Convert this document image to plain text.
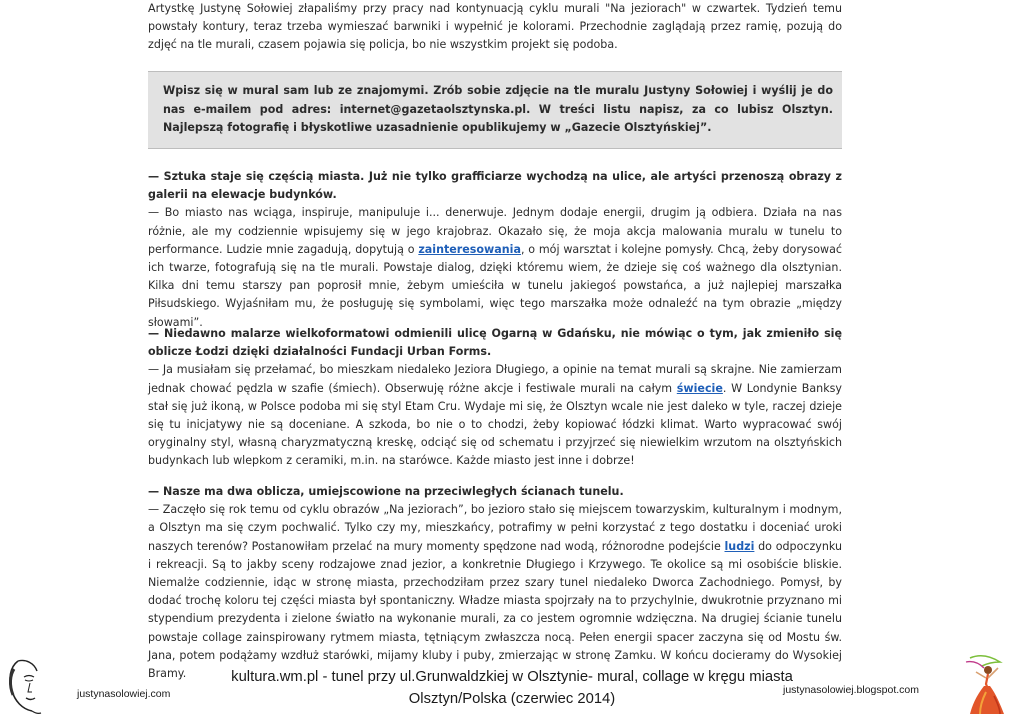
Artystkę Justynę Sołowiej złapaliśmy przy pracy nad kontynuacją cyklu murali "Na jeziorach" w czwartek. Tydzień temu powstały kontury, teraz trzeba wymieszać barwniki i wypełnić je kolorami. Przechodnie zaglądają przez ramię, pozują do zdjęć na tle murali, czasem pojawia się policja, bo nie wszystkim projekt się podoba.

Wpisz się w mural sam lub ze znajomymi. Zrób sobie zdjęcie na tle muralu Justyny Sołowiej i wyślij je do nas e-mailem pod adres: internet@gazetaolsztynska.pl. W treści listu napisz, za co lubisz Olsztyn. Najlepszą fotografię i błyskotliwe uzasadnienie opublikujemy w „Gazecie Olsztyńskiej”.

— Sztuka staje się częścią miasta. Już nie tylko grafficiarze wychodzą na ulice, ale artyści przenoszą obrazy z galerii na elewacje budynków.

— Bo miasto nas wciąga, inspiruje, manipuluje i... denerwuje. Jednym dodaje energii, drugim ją odbiera. Działa na nas różnie, ale my codziennie wpisujemy się w jego krajobraz. Okazało się, że moja akcja malowania muralu w tunelu to performance. Ludzie mnie zagadują, dopytują o zainteresowania, o mój warsztat i kolejne pomysły. Chcą, żeby dorysować ich twarze, fotografują się na tle murali. Powstaje dialog, dzięki któremu wiem, że dzieje się coś ważnego dla olsztynian. Kilka dni temu starszy pan poprosił mnie, żebym umieściła w tunelu jakiegoś powstańca, a już najlepiej marszałka Piłsudskiego. Wyjaśniłam mu, że posługuję się symbolami, więc tego marszałka może odnaleźć na tym obrazie „między słowami”.

— Niedawno malarze wielkoformatowi odmienili ulicę Ogarną w Gdańsku, nie mówiąc o tym, jak zmieniło się oblicze Łodzi dzięki działalności Fundacji Urban Forms.

— Ja musiałam się przełamać, bo mieszkam niedaleko Jeziora Długiego, a opinie na temat murali są skrajne. Nie zamierzam jednak chować pędzla w szafie (śmiech). Obserwuję różne akcje i festiwale murali na całym świecie. W Londynie Banksy stał się już ikoną, w Polsce podoba mi się styl Etam Cru. Wydaje mi się, że Olsztyn wcale nie jest daleko w tyle, raczej dzieje się tu inicjatywy nie są doceniane. A szkoda, bo nie o to chodzi, żeby kopiować łódzki klimat. Warto wypracować swój oryginalny styl, własną charyzmatyczną kreskę, odciąć się od schematu i przyjrzeć się niewielkim wrzutom na olsztyńskich budynkach lub wlepkom z ceramiki, m.in. na starówce. Każde miasto jest inne i dobrze!

— Nasze ma dwa oblicza, umiejscowione na przeciwległych ścianach tunelu.

— Zaczęło się rok temu od cyklu obrazów „Na jeziorach”, bo jezioro stało się miejscem towarzyskim, kulturalnym i modnym, a Olsztyn ma się czym pochwalić. Tylko czy my, mieszkańcy, potrafimy w pełni korzystać z tego dostatku i doceniać uroki naszych terenów? Postanowiłam przelać na mury momenty spędzone nad wodą, różnorodne podejście ludzi do odpoczynku i rekreacji. Są to jakby sceny rodzajowe znad jezior, a konkretnie Długiego i Krzywego. Te okolice są mi osobiście bliskie. Niemalże codziennie, idąc w stronę miasta, przechodziłam przez szary tunel niedaleko Dworca Zachodniego. Pomysł, by dodać trochę koloru tej części miasta był spontaniczny. Władze miasta spojrzały na to przychylnie, dwukrotnie przyznano mi stypendium prezydenta i zielone światło na wykonanie murali, za co jestem ogromnie wdzięczna. Na drugiej ścianie tunelu powstaje collage zainspirowany rytmem miasta, tętniącym zwłaszcza nocą. Pełen energii spacer zaczyna się od Mostu św. Jana, potem podążamy wzdłuż starówki, mijamy kluby i puby, zmierzając w stronę Zamku. W końcu docieramy do Wysokiej Bramy.

justynasolowiej.com

kultura.wm.pl - tunel przy ul.Grunwaldzkiej w Olsztynie- mural, collage w kręgu miasta

Olsztyn/Polska (czerwiec 2014)

justynasolowiej.blogspot.com
